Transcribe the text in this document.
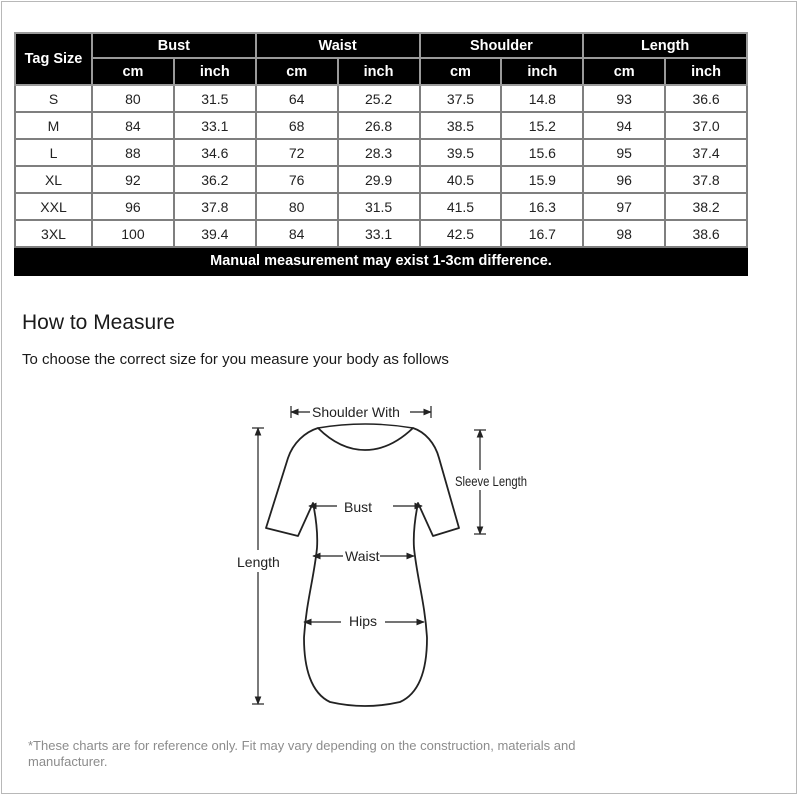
Tag Size	Bust		Waist		Shoulder		Length	
	cm	inch	cm	inch	cm	inch	cm	inch
S	80	31.5	64	25.2	37.5	14.8	93	36.6
M	84	33.1	68	26.8	38.5	15.2	94	37.0
L	88	34.6	72	28.3	39.5	15.6	95	37.4
XL	92	36.2	76	29.9	40.5	15.9	96	37.8
XXL	96	37.8	80	31.5	41.5	16.3	97	38.2
3XL	100	39.4	84	33.1	42.5	16.7	98	38.6
Manual measurement may exist 1-3cm difference.								
How to Measure
To choose the correct size for you measure your body as follows
Shoulder With
Sleeve Length
Bust
Waist
Hips
Length
*These charts are for reference only. Fit may vary depending on the construction, materials and manufacturer.
